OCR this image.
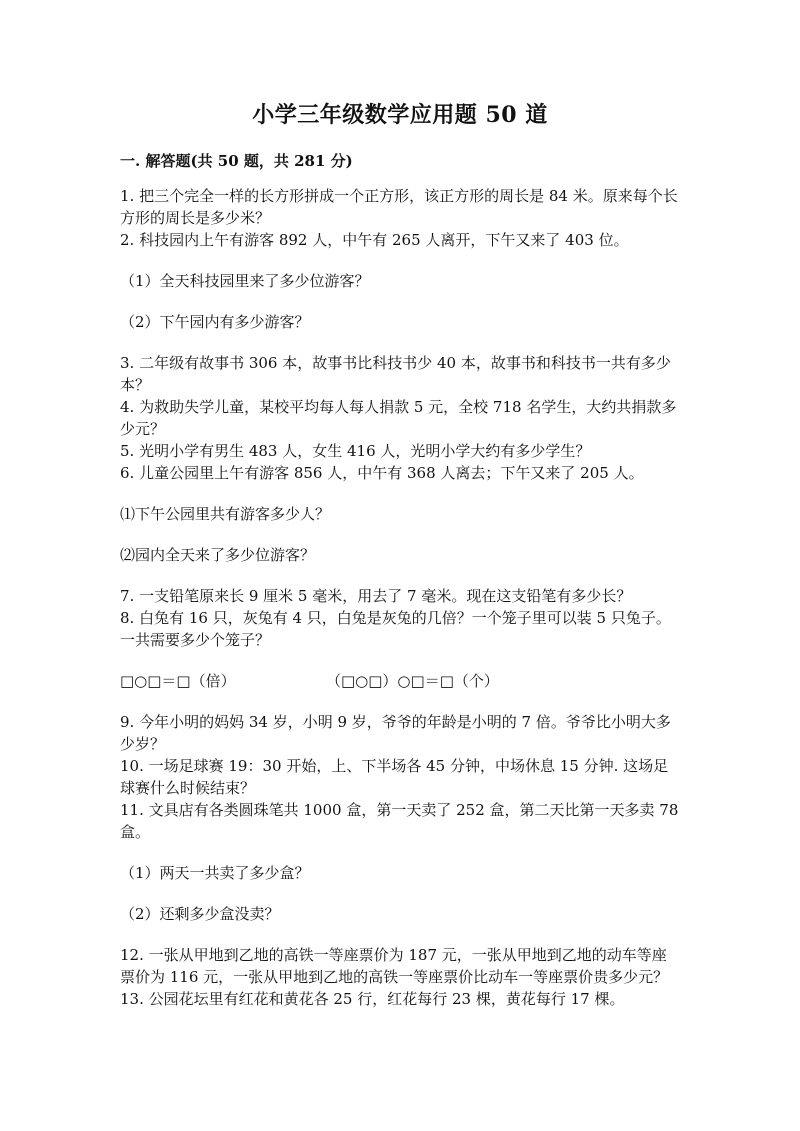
小学三年级数学应用题 50 道
一. 解答题(共 50 题，共 281 分)

1. 把三个完全一样的长方形拼成一个正方形，该正方形的周长是 84 米。原来每个长方形的周长是多少米？

2. 科技园内上午有游客 892 人，中午有 265 人离开，下午又来了 403 位。

（1）全天科技园里来了多少位游客？

（2）下午园内有多少游客？

3. 二年级有故事书 306 本，故事书比科技书少 40 本，故事书和科技书一共有多少本？

4. 为救助失学儿童，某校平均每人每人捐款 5 元，全校 718 名学生，大约共捐款多少元？

5. 光明小学有男生 483 人，女生 416 人，光明小学大约有多少学生？

6. 儿童公园里上午有游客 856 人，中午有 368 人离去；下午又来了 205 人。

⑴下午公园里共有游客多少人？

⑵园内全天来了多少位游客？

7. 一支铅笔原来长 9 厘米 5 毫米，用去了 7 毫米。现在这支铅笔有多少长？

8. 白兔有 16 只，灰兔有 4 只，白兔是灰兔的几倍？一个笼子里可以装 5 只兔子。一共需要多少个笼子？

□○□＝□（倍）	（□○□）○□＝□（个）

9. 今年小明的妈妈 34 岁，小明 9 岁，爷爷的年龄是小明的 7 倍。爷爷比小明大多少岁？

10. 一场足球赛 19：30 开始，上、下半场各 45 分钟，中场休息 15 分钟. 这场足球赛什么时候结束？

11. 文具店有各类圆珠笔共 1000 盒，第一天卖了 252 盒，第二天比第一天多卖 78 盒。

（1）两天一共卖了多少盒？

（2）还剩多少盒没卖？

12. 一张从甲地到乙地的高铁一等座票价为 187 元，一张从甲地到乙地的动车等座票价为 116 元，一张从甲地到乙地的高铁一等座票价比动车一等座票价贵多少元？

13. 公园花坛里有红花和黄花各 25 行，红花每行 23 棵，黄花每行 17 棵。
